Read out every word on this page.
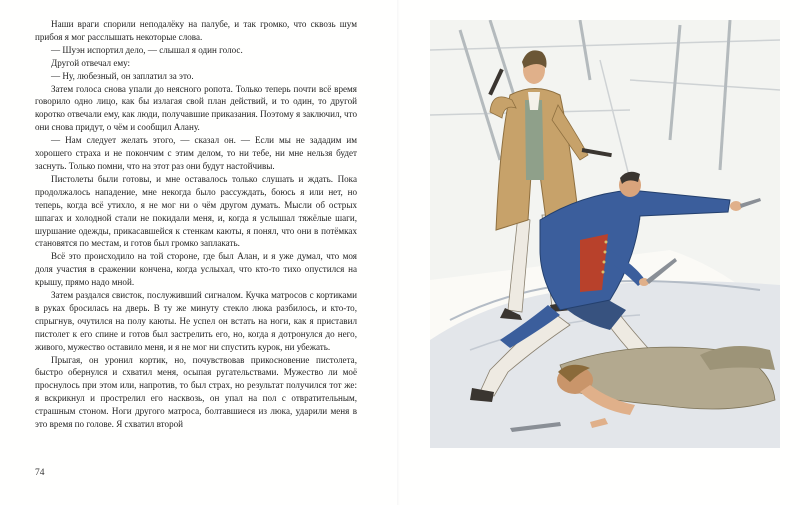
Наши враги спорили неподалёку на палубе, и так громко, что сквозь шум прибоя я мог расслышать некоторые слова.

— Шуэн испортил дело, — слышал я один голос.

Другой отвечал ему:

— Ну, любезный, он заплатил за это.

Затем голоса снова упали до неясного ропота. Только теперь почти всё время говорило одно лицо, как бы излагая свой план действий, и то один, то другой коротко отвечали ему, как люди, получавшие приказания. Поэтому я заключил, что они снова придут, о чём и сообщил Алану.

— Нам следует желать этого, — сказал он. — Если мы не зададим им хорошего страха и не покончим с этим делом, то ни тебе, ни мне нельзя будет заснуть. Только помни, что на этот раз они будут настойчивы.

Пистолеты были готовы, и мне оставалось только слушать и ждать. Пока продолжалось нападение, мне некогда было рассуждать, боюсь я или нет, но теперь, когда всё утихло, я не мог ни о чём другом думать. Мысли об острых шпагах и холодной стали не покидали меня, и, когда я услышал тяжёлые шаги, шуршание одежды, прикасавшейся к стенкам каюты, я понял, что они в потёмках становятся по местам, и готов был громко заплакать.

Всё это происходило на той стороне, где был Алан, и я уже думал, что моя доля участия в сражении кончена, когда услыхал, что кто-то тихо опустился на крышу, прямо надо мной.

Затем раздался свисток, послуживший сигналом. Кучка матросов с кортиками в руках бросилась на дверь. В ту же минуту стекло люка разбилось, и кто-то, спрыгнув, очутился на полу каюты. Не успел он встать на ноги, как я приставил пистолет к его спине и готов был застрелить его, но, когда я дотронулся до него, живого, мужество оставило меня, и я не мог ни спустить курок, ни убежать.

Прыгая, он уронил кортик, но, почувствовав прикосновение пистолета, быстро обернулся и схватил меня, осыпая ругательствами. Мужество ли моё проснулось при этом или, напротив, то был страх, но результат получился тот же: я вскрикнул и прострелил его насквозь, он упал на пол с отвратительным, страшным стоном. Ноги другого матроса, болтавшиеся из люка, ударили меня в это время по голове. Я схватил второй

74
